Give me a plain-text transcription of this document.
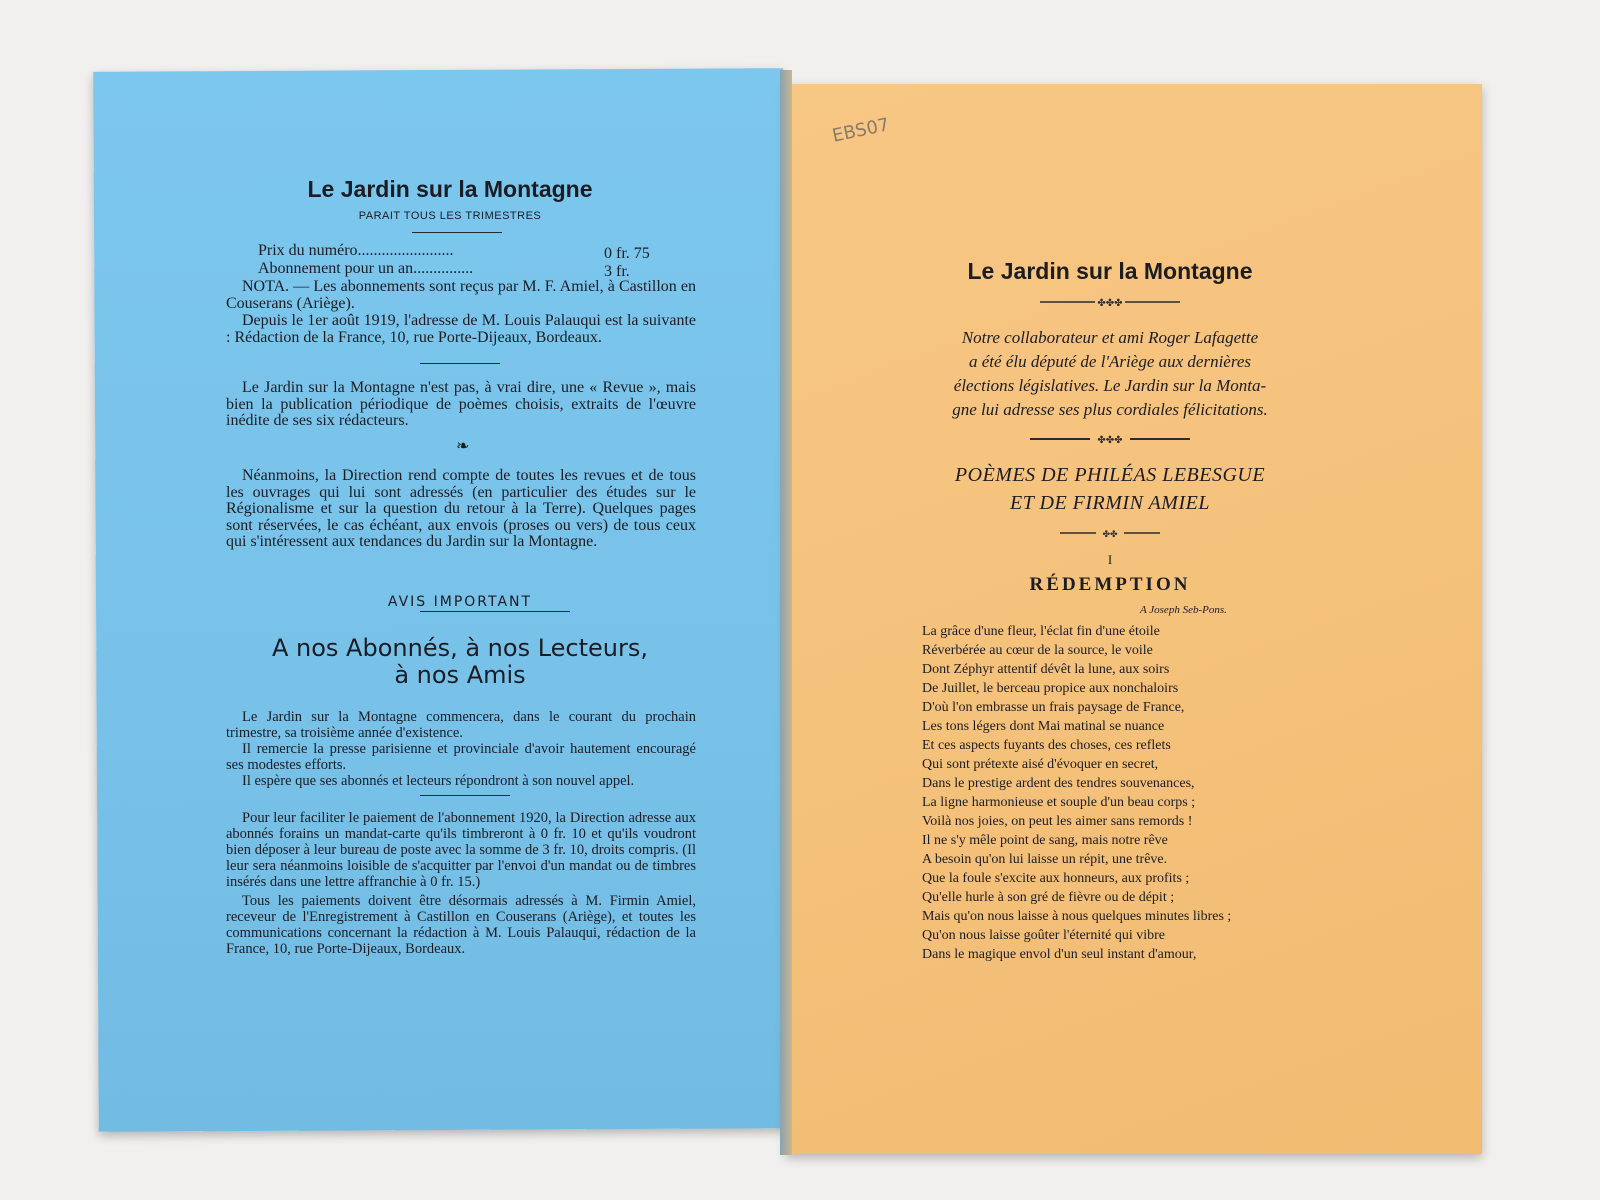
Le Jardin sur la Montagne
PARAIT TOUS LES TRIMESTRES
Prix du numéro........................	0 fr. 75
Abonnement pour un an...............	3 fr.
NOTA. — Les abonnements sont reçus par M. F. Amiel, à Castillon en Couserans (Ariège).
Depuis le 1er août 1919, l'adresse de M. Louis Palauqui est la suivante : Rédaction de la France, 10, rue Porte-Dijeaux, Bordeaux.
Le Jardin sur la Montagne n'est pas, à vrai dire, une « Revue », mais bien la publication périodique de poèmes choisis, extraits de l'œuvre inédite de ses six rédacteurs.
❧
Néanmoins, la Direction rend compte de toutes les revues et de tous les ouvrages qui lui sont adressés (en particulier des études sur le Régionalisme et sur la question du retour à la Terre). Quelques pages sont réservées, le cas échéant, aux envois (proses ou vers) de tous ceux qui s'intéressent aux tendances du Jardin sur la Montagne.
AVIS IMPORTANT
A nos Abonnés, à nos Lecteurs,
à nos Amis
Le Jardin sur la Montagne commencera, dans le courant du prochain trimestre, sa troisième année d'existence.
Il remercie la presse parisienne et provinciale d'avoir hautement encouragé ses modestes efforts.
Il espère que ses abonnés et lecteurs répondront à son nouvel appel.
Pour leur faciliter le paiement de l'abonnement 1920, la Direction adresse aux abonnés forains un mandat-carte qu'ils timbreront à 0 fr. 10 et qu'ils voudront bien déposer à leur bureau de poste avec la somme de 3 fr. 10, droits compris. (Il leur sera néanmoins loisible de s'acquitter par l'envoi d'un mandat ou de timbres insérés dans une lettre affranchie à 0 fr. 15.)
Tous les paiements doivent être désormais adressés à M. Firmin Amiel, receveur de l'Enregistrement à Castillon en Couserans (Ariège), et toutes les communications concernant la rédaction à M. Louis Palauqui, rédaction de la France, 10, rue Porte-Dijeaux, Bordeaux.
EBS07
Le Jardin sur la Montagne
✤✤✤
Notre collaborateur et ami Roger Lafagette
a été élu député de l'Ariège aux dernières
élections législatives. Le Jardin sur la Monta-
gne lui adresse ses plus cordiales félicitations.
✤✤✤
POÈMES DE PHILÉAS LEBESGUE
ET DE FIRMIN AMIEL
✤✤
I
RÉDEMPTION
A Joseph Seb-Pons.
La grâce d'une fleur, l'éclat fin d'une étoile
Réverbérée au cœur de la source, le voile
Dont Zéphyr attentif dévêt la lune, aux soirs
De Juillet, le berceau propice aux nonchaloirs
D'où l'on embrasse un frais paysage de France,
Les tons légers dont Mai matinal se nuance
Et ces aspects fuyants des choses, ces reflets
Qui sont prétexte aisé d'évoquer en secret,
Dans le prestige ardent des tendres souvenances,
La ligne harmonieuse et souple d'un beau corps ;
Voilà nos joies, on peut les aimer sans remords !
Il ne s'y mêle point de sang, mais notre rêve
A besoin qu'on lui laisse un répit, une trêve.
Que la foule s'excite aux honneurs, aux profits ;
Qu'elle hurle à son gré de fièvre ou de dépit ;
Mais qu'on nous laisse à nous quelques minutes libres ;
Qu'on nous laisse goûter l'éternité qui vibre
Dans le magique envol d'un seul instant d'amour,
